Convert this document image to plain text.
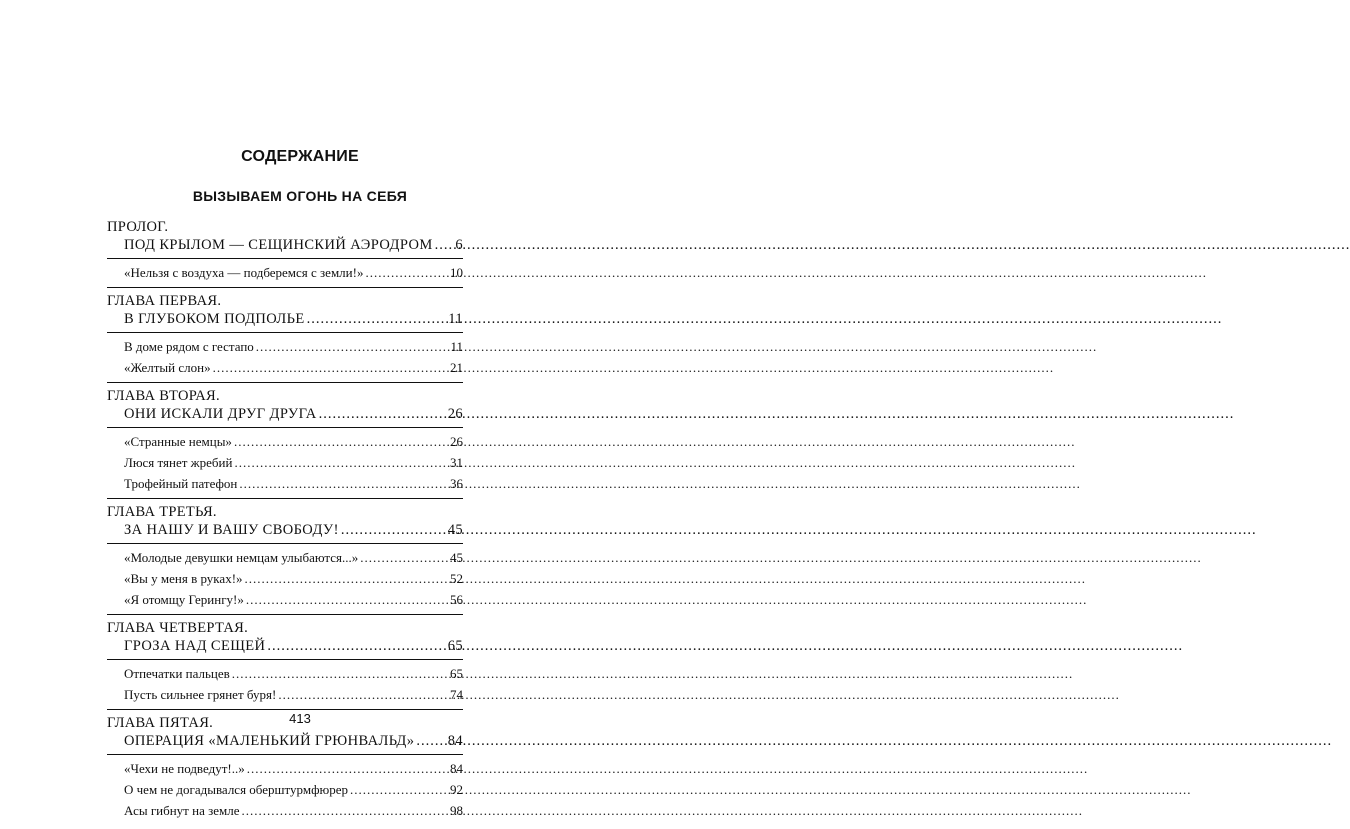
СОДЕРЖАНИЕ
ВЫЗЫВАЕМ ОГОНЬ НА СЕБЯ
ПРОЛОГ.
ПОД КРЫЛОМ — СЕЩИНСКИЙ АЭРОДРОМ ..... 6
«Нельзя с воздуха — подберемся с земли!» .....	10
ГЛАВА ПЕРВАЯ.
В ГЛУБОКОМ ПОДПОЛЬЕ .....	11
В доме рядом с гестапо .....	11
«Желтый слон» .....	21
ГЛАВА ВТОРАЯ.
ОНИ ИСКАЛИ ДРУГ ДРУГА .....	26
«Странные немцы» .....	26
Люся тянет жребий .....	31
Трофейный патефон .....	36
ГЛАВА ТРЕТЬЯ.
ЗА НАШУ И ВАШУ СВОБОДУ! .....	45
«Молодые девушки немцам улыбаются...» .....	45
«Вы у меня в руках!» .....	52
«Я отомщу Герингу!» .....	56
ГЛАВА ЧЕТВЕРТАЯ.
ГРОЗА НАД СЕЩЕЙ .....	65
Отпечатки пальцев .....	65
Пусть сильнее грянет буря! .....	74
ГЛАВА ПЯТАЯ.
ОПЕРАЦИЯ «МАЛЕНЬКИЙ ГРЮНВАЛЬД» ..... 84
«Чехи не подведут!..» .....	84
О чем не догадывался оберштурмфюрер .....	92
Асы гибнут на земле .....	98
413
